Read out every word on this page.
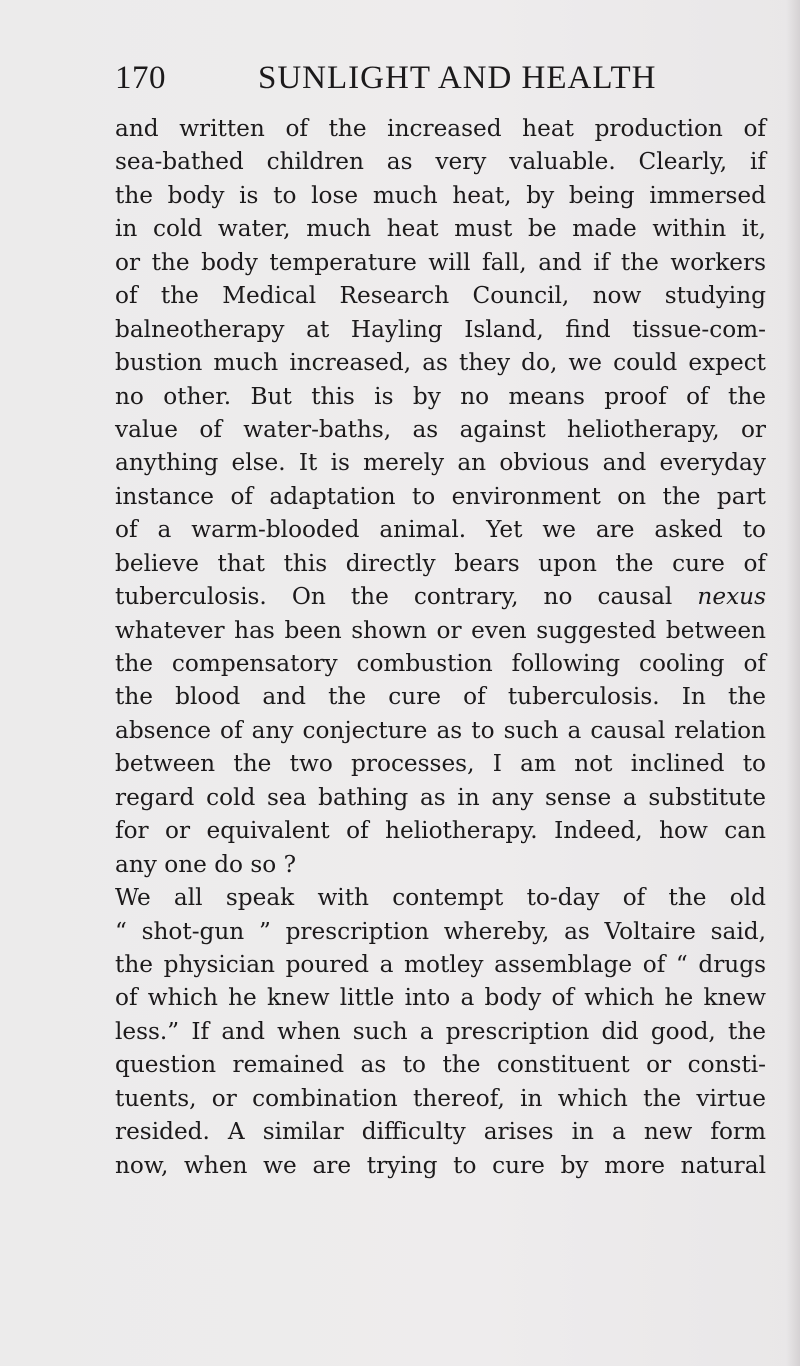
170	SUNLIGHT AND HEALTH
and written of the increased heat production of
sea-bathed children as very valuable. Clearly, if
the body is to lose much heat, by being immersed
in cold water, much heat must be made within it,
or the body temperature will fall, and if the workers
of the Medical Research Council, now studying
balneotherapy at Hayling Island, find tissue-com-
bustion much increased, as they do, we could expect
no other. But this is by no means proof of the
value of water-baths, as against heliotherapy, or
anything else. It is merely an obvious and everyday
instance of adaptation to environment on the part
of a warm-blooded animal. Yet we are asked to
believe that this directly bears upon the cure of
tuberculosis. On the contrary, no causal nexus
whatever has been shown or even suggested between
the compensatory combustion following cooling of
the blood and the cure of tuberculosis. In the
absence of any conjecture as to such a causal relation
between the two processes, I am not inclined to
regard cold sea bathing as in any sense a substitute
for or equivalent of heliotherapy. Indeed, how can
any one do so ?
We all speak with contempt to-day of the old
“ shot-gun ” prescription whereby, as Voltaire said,
the physician poured a motley assemblage of “ drugs
of which he knew little into a body of which he knew
less.” If and when such a prescription did good, the
question remained as to the constituent or consti-
tuents, or combination thereof, in which the virtue
resided. A similar difficulty arises in a new form
now, when we are trying to cure by more natural
